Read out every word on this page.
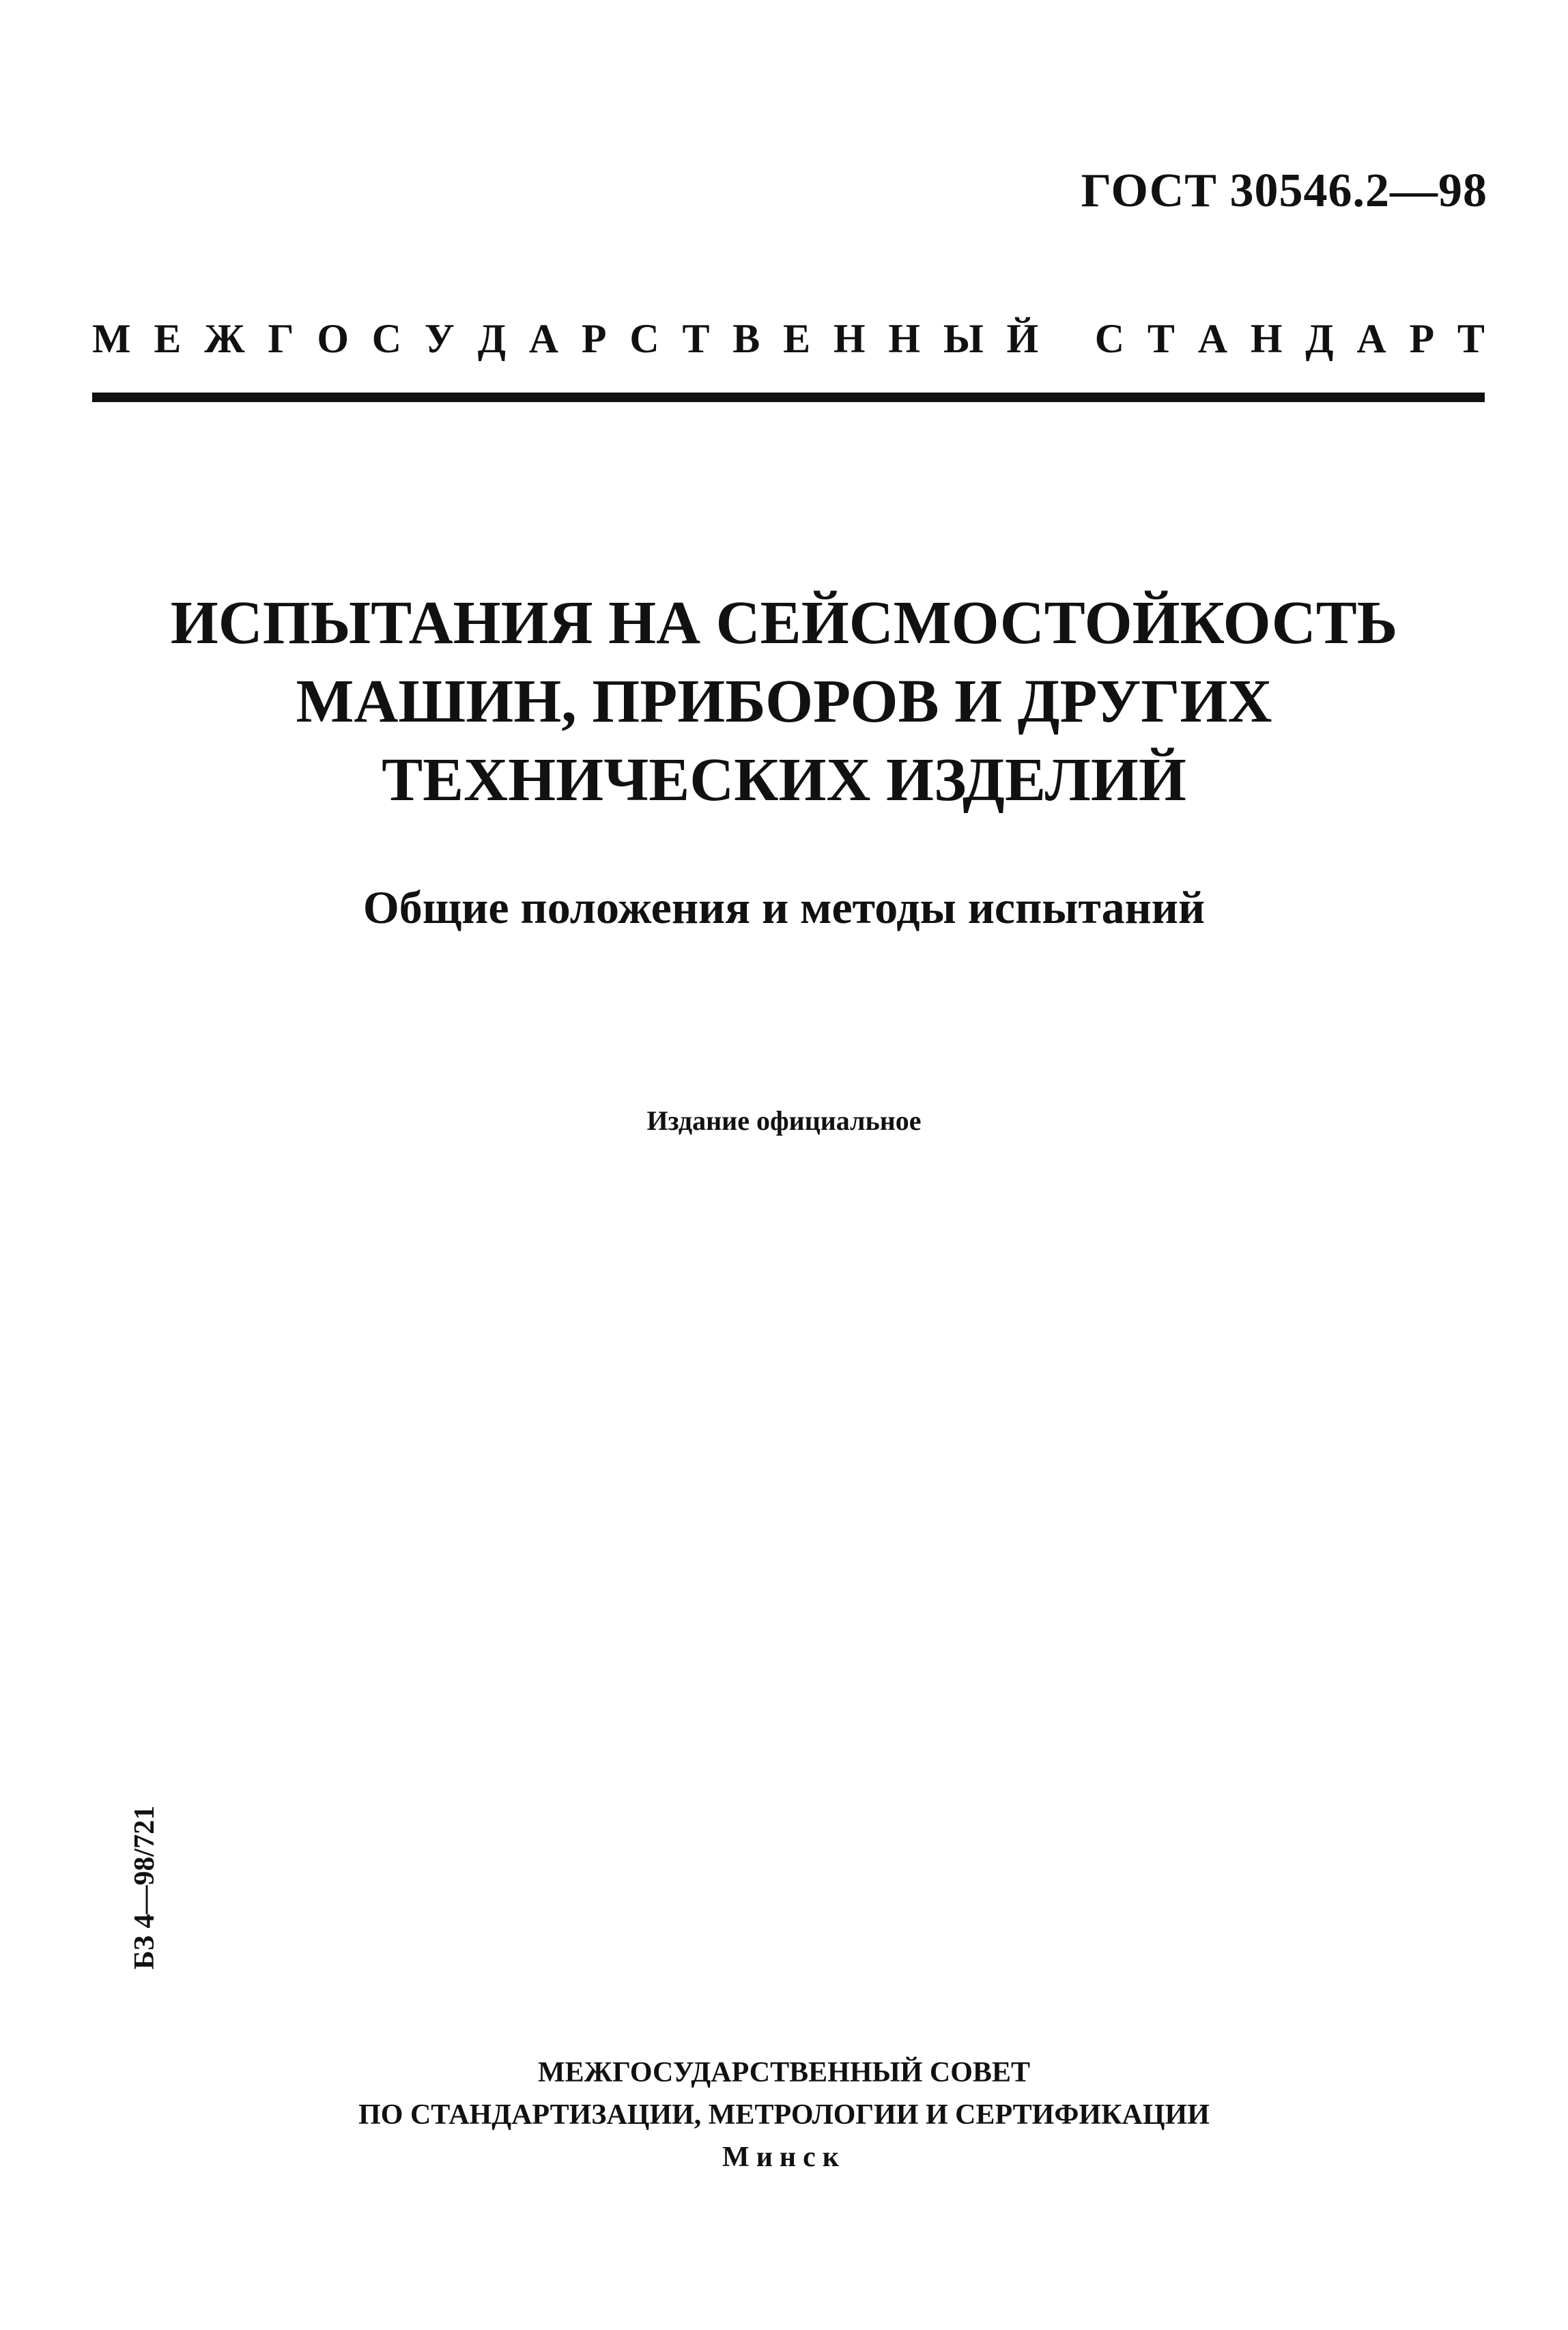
ГОСТ 30546.2—98
М Е Ж Г О С У Д А Р С Т В Е Н Н Ы Й
С Т А Н Д А Р Т
ИСПЫТАНИЯ НА СЕЙСМОСТОЙКОСТЬ
МАШИН, ПРИБОРОВ И ДРУГИХ
ТЕХНИЧЕСКИХ ИЗДЕЛИЙ
Общие положения и методы испытаний
Издание официальное
БЗ 4—98/721
МЕЖГОСУДАРСТВЕННЫЙ СОВЕТ
ПО СТАНДАРТИЗАЦИИ, МЕТРОЛОГИИ И СЕРТИФИКАЦИИ
Минск
